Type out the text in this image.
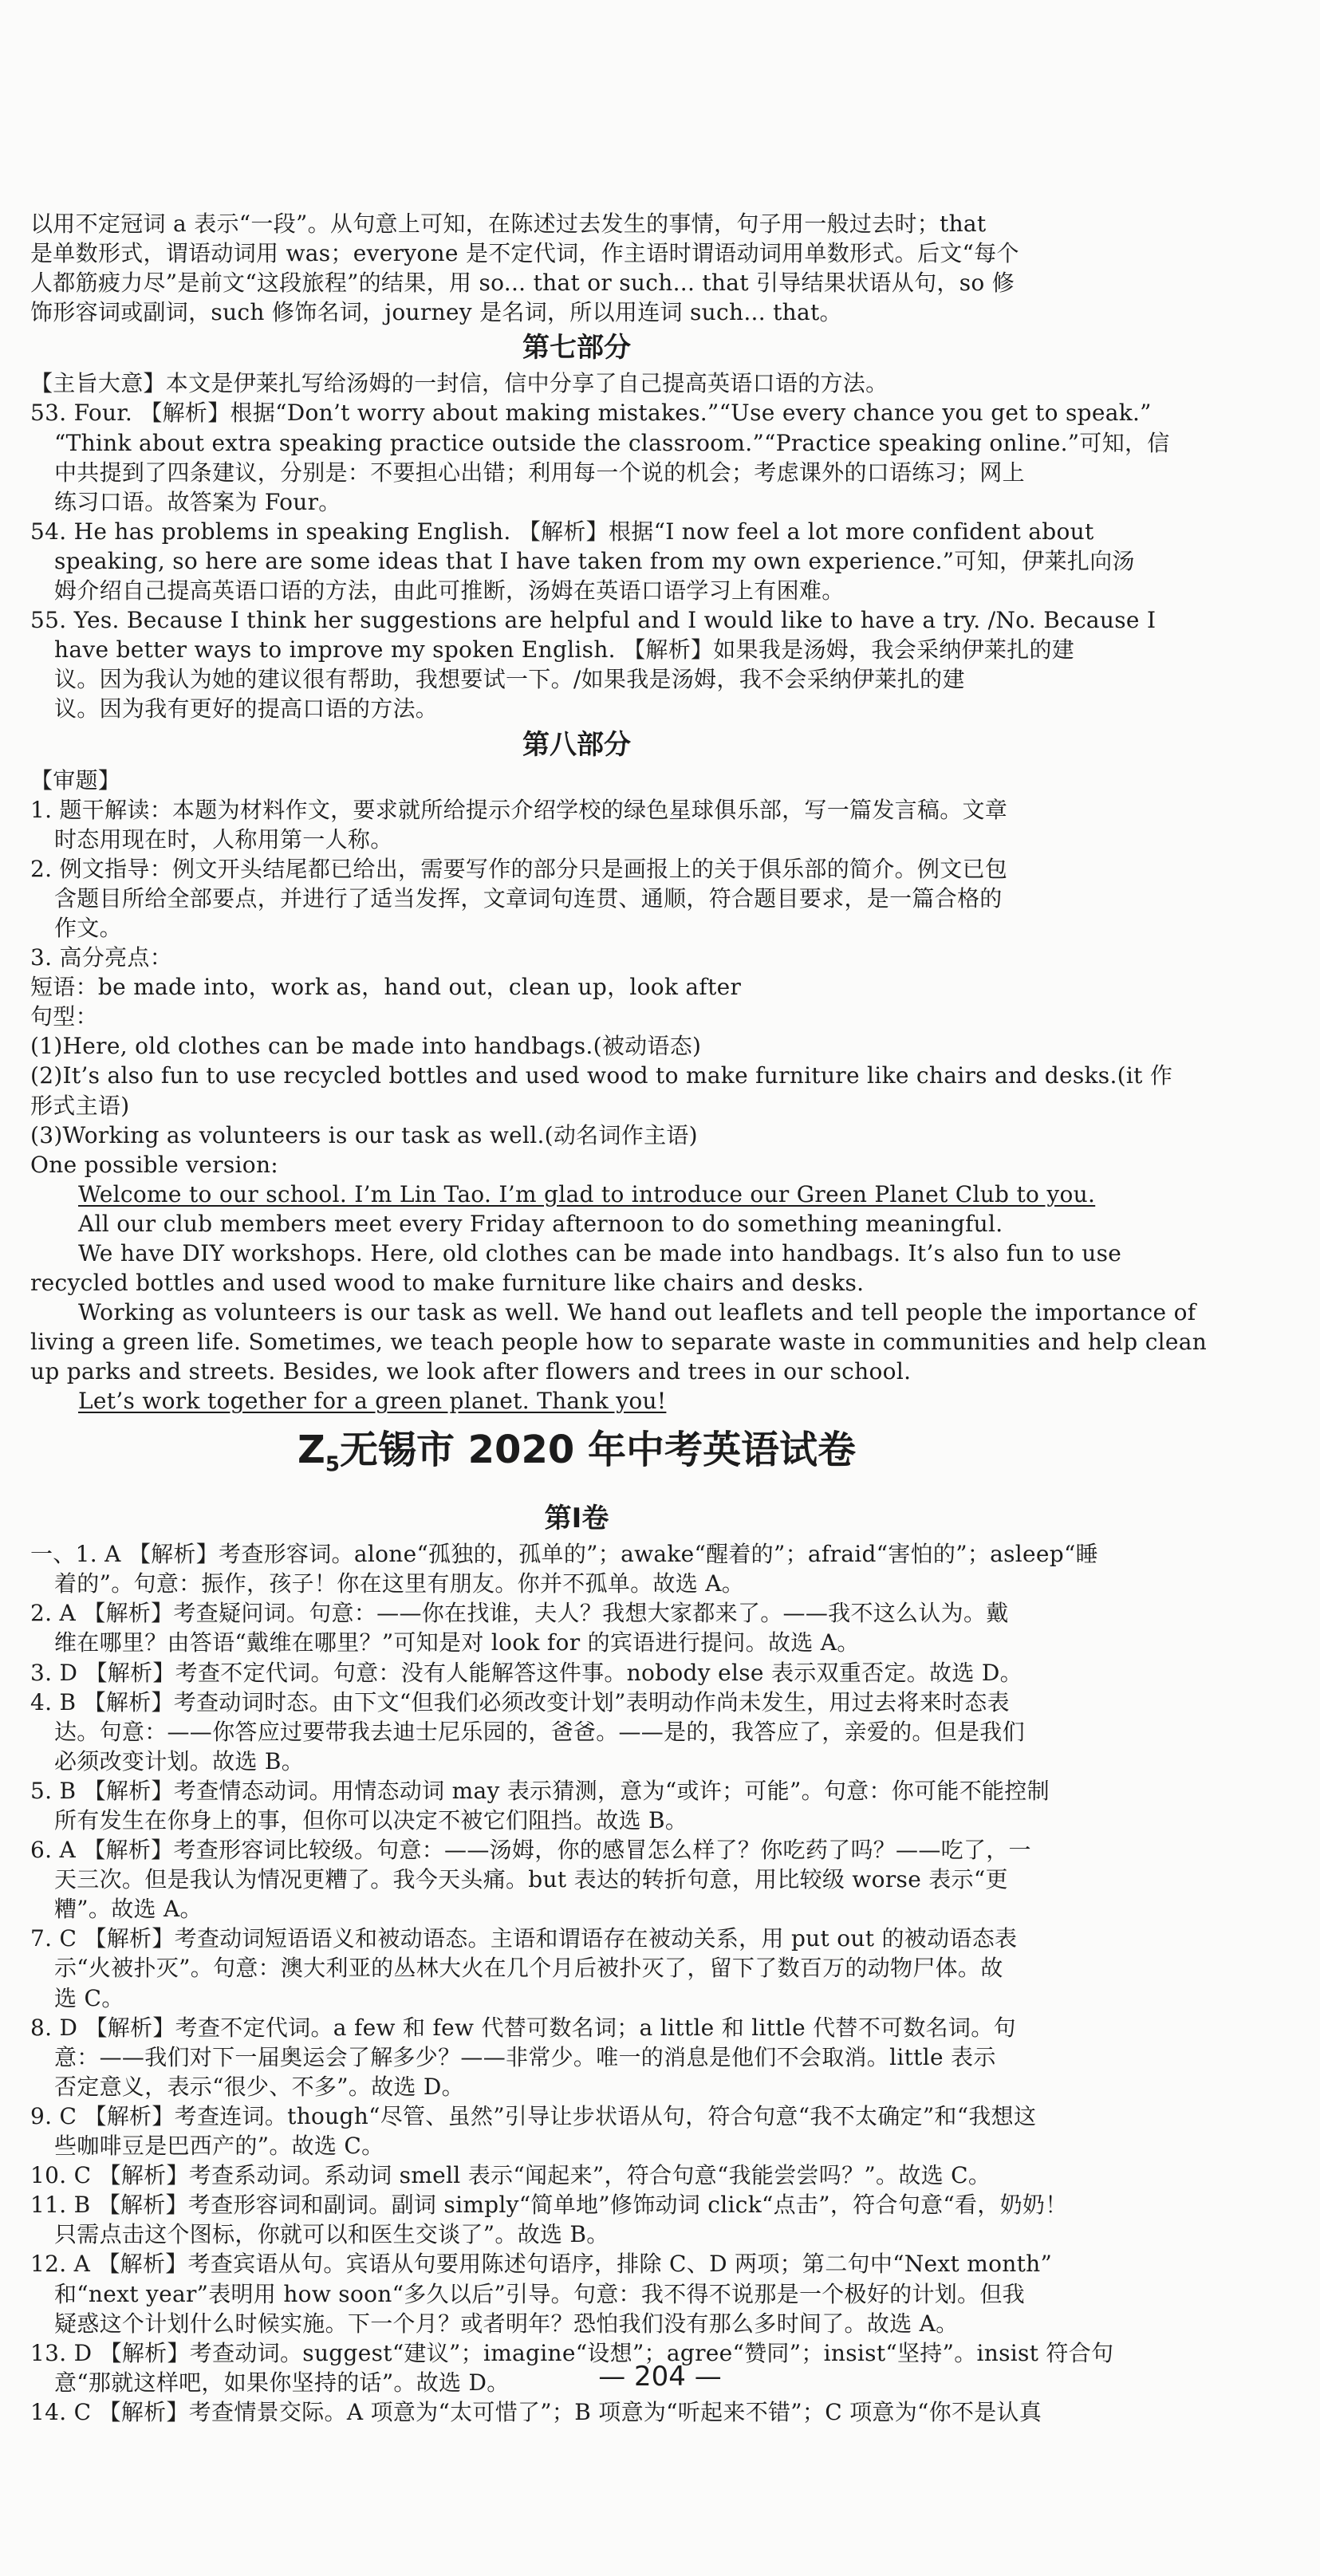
以用不定冠词 a 表示“一段”。从句意上可知，在陈述过去发生的事情，句子用一般过去时；that
是单数形式，谓语动词用 was；everyone 是不定代词，作主语时谓语动词用单数形式。后文“每个
人都筋疲力尽”是前文“这段旅程”的结果，用 so... that or such... that 引导结果状语从句，so 修
饰形容词或副词，such 修饰名词，journey 是名词，所以用连词 such... that。
第七部分
【主旨大意】本文是伊莱扎写给汤姆的一封信，信中分享了自己提高英语口语的方法。
53. Four. 【解析】根据“Don’t worry about making mistakes.”“Use every chance you get to speak.”
“Think about extra speaking practice outside the classroom.”“Practice speaking online.”可知，信
中共提到了四条建议，分别是：不要担心出错；利用每一个说的机会；考虑课外的口语练习；网上
练习口语。故答案为 Four。
54. He has problems in speaking English. 【解析】根据“I now feel a lot more confident about
speaking, so here are some ideas that I have taken from my own experience.”可知，伊莱扎向汤
姆介绍自己提高英语口语的方法，由此可推断，汤姆在英语口语学习上有困难。
55. Yes. Because I think her suggestions are helpful and I would like to have a try. /No. Because I
have better ways to improve my spoken English. 【解析】如果我是汤姆，我会采纳伊莱扎的建
议。因为我认为她的建议很有帮助，我想要试一下。/如果我是汤姆，我不会采纳伊莱扎的建
议。因为我有更好的提高口语的方法。
第八部分
【审题】
1. 题干解读：本题为材料作文，要求就所给提示介绍学校的绿色星球俱乐部，写一篇发言稿。文章
时态用现在时，人称用第一人称。
2. 例文指导：例文开头结尾都已给出，需要写作的部分只是画报上的关于俱乐部的简介。例文已包
含题目所给全部要点，并进行了适当发挥，文章词句连贯、通顺，符合题目要求，是一篇合格的
作文。
3. 高分亮点：
短语：be made into，work as，hand out，clean up，look after
句型：
(1)Here, old clothes can be made into handbags.(被动语态)
(2)It’s also fun to use recycled bottles and used wood to make furniture like chairs and desks.(it 作
形式主语)
(3)Working as volunteers is our task as well.(动名词作主语)
One possible version:
Welcome to our school. I’m Lin Tao. I’m glad to introduce our Green Planet Club to you.
All our club members meet every Friday afternoon to do something meaningful.
We have DIY workshops. Here, old clothes can be made into handbags. It’s also fun to use
recycled bottles and used wood to make furniture like chairs and desks.
Working as volunteers is our task as well. We hand out leaflets and tell people the importance of
living a green life. Sometimes, we teach people how to separate waste in communities and help clean
up parks and streets. Besides, we look after flowers and trees in our school.
Let’s work together for a green planet. Thank you!
$Z_5$无锡市 2020 年中考英语试卷
第Ⅰ卷
一、1. A 【解析】考查形容词。alone“孤独的，孤单的”；awake“醒着的”；afraid“害怕的”；asleep“睡
着的”。句意：振作，孩子！你在这里有朋友。你并不孤单。故选 A。
2. A 【解析】考查疑问词。句意：——你在找谁，夫人？我想大家都来了。——我不这么认为。戴
维在哪里？由答语“戴维在哪里？”可知是对 look for 的宾语进行提问。故选 A。
3. D 【解析】考查不定代词。句意：没有人能解答这件事。nobody else 表示双重否定。故选 D。
4. B 【解析】考查动词时态。由下文“但我们必须改变计划”表明动作尚未发生，用过去将来时态表
达。句意：——你答应过要带我去迪士尼乐园的，爸爸。——是的，我答应了，亲爱的。但是我们
必须改变计划。故选 B。
5. B 【解析】考查情态动词。用情态动词 may 表示猜测，意为“或许；可能”。句意：你可能不能控制
所有发生在你身上的事，但你可以决定不被它们阻挡。故选 B。
6. A 【解析】考查形容词比较级。句意：——汤姆，你的感冒怎么样了？你吃药了吗？——吃了，一
天三次。但是我认为情况更糟了。我今天头痛。but 表达的转折句意，用比较级 worse 表示“更
糟”。故选 A。
7. C 【解析】考查动词短语语义和被动语态。主语和谓语存在被动关系，用 put out 的被动语态表
示“火被扑灭”。句意：澳大利亚的丛林大火在几个月后被扑灭了，留下了数百万的动物尸体。故
选 C。
8. D 【解析】考查不定代词。a few 和 few 代替可数名词；a little 和 little 代替不可数名词。句
意：——我们对下一届奥运会了解多少？——非常少。唯一的消息是他们不会取消。little 表示
否定意义，表示“很少、不多”。故选 D。
9. C 【解析】考查连词。though“尽管、虽然”引导让步状语从句，符合句意“我不太确定”和“我想这
些咖啡豆是巴西产的”。故选 C。
10. C 【解析】考查系动词。系动词 smell 表示“闻起来”，符合句意“我能尝尝吗？”。故选 C。
11. B 【解析】考查形容词和副词。副词 simply“简单地”修饰动词 click“点击”，符合句意“看，奶奶！
只需点击这个图标，你就可以和医生交谈了”。故选 B。
12. A 【解析】考查宾语从句。宾语从句要用陈述句语序，排除 C、D 两项；第二句中“Next month”
和“next year”表明用 how soon“多久以后”引导。句意：我不得不说那是一个极好的计划。但我
疑惑这个计划什么时候实施。下一个月？或者明年？恐怕我们没有那么多时间了。故选 A。
13. D 【解析】考查动词。suggest“建议”；imagine“设想”；agree“赞同”；insist“坚持”。insist 符合句
意“那就这样吧，如果你坚持的话”。故选 D。
14. C 【解析】考查情景交际。A 项意为“太可惜了”；B 项意为“听起来不错”；C 项意为“你不是认真
— 204 —
